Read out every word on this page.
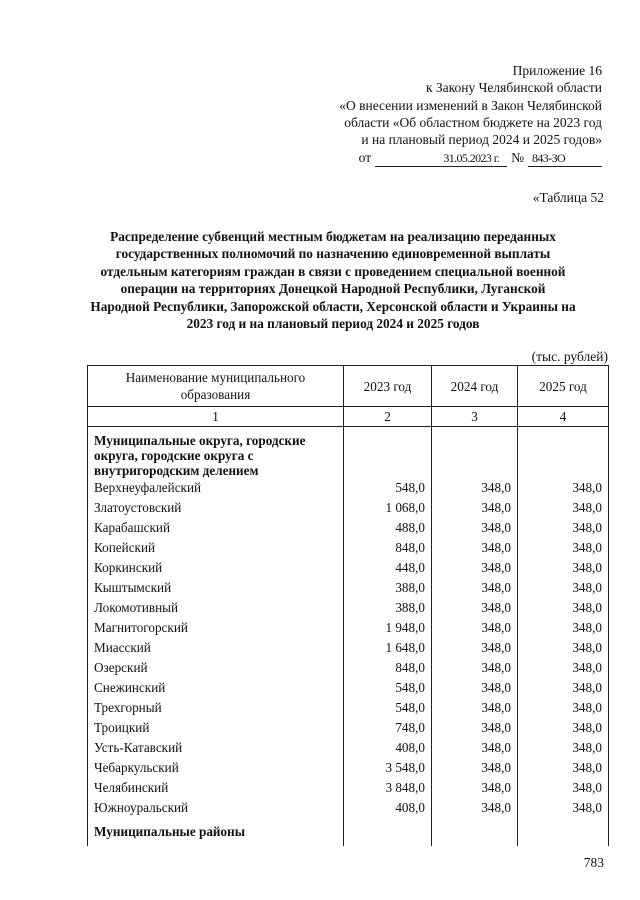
Приложение 16
к Закону Челябинской области
«О внесении изменений в Закон Челябинской
области «Об областном бюджете на 2023 год
и на плановый период 2024 и 2025 годов»
от	31.05.2023 г. № 843-ЗО
«Таблица 52
Распределение субвенций местным бюджетам на реализацию переданных государственных полномочий по назначению единовременной выплаты отдельным категориям граждан в связи с проведением специальной военной операции на территориях Донецкой Народной Республики, Луганской Народной Республики, Запорожской области, Херсонской области и Украины на 2023 год и на плановый период 2024 и 2025 годов
(тыс. рублей)
Наименование муниципального образования	2023 год	2024 год	2025 год
1	2	3	4
Муниципальные округа, городские округа, городские округа с внутригородским делением			
Верхнеуфалейский	548,0	348,0	348,0
Златоустовский	1 068,0	348,0	348,0
Карабашский	488,0	348,0	348,0
Копейский	848,0	348,0	348,0
Коркинский	448,0	348,0	348,0
Кыштымский	388,0	348,0	348,0
Локомотивный	388,0	348,0	348,0
Магнитогорский	1 948,0	348,0	348,0
Миасский	1 648,0	348,0	348,0
Озерский	848,0	348,0	348,0
Снежинский	548,0	348,0	348,0
Трехгорный	548,0	348,0	348,0
Троицкий	748,0	348,0	348,0
Усть-Катавский	408,0	348,0	348,0
Чебаркульский	3 548,0	348,0	348,0
Челябинский	3 848,0	348,0	348,0
Южноуральский	408,0	348,0	348,0
Муниципальные районы			
783
